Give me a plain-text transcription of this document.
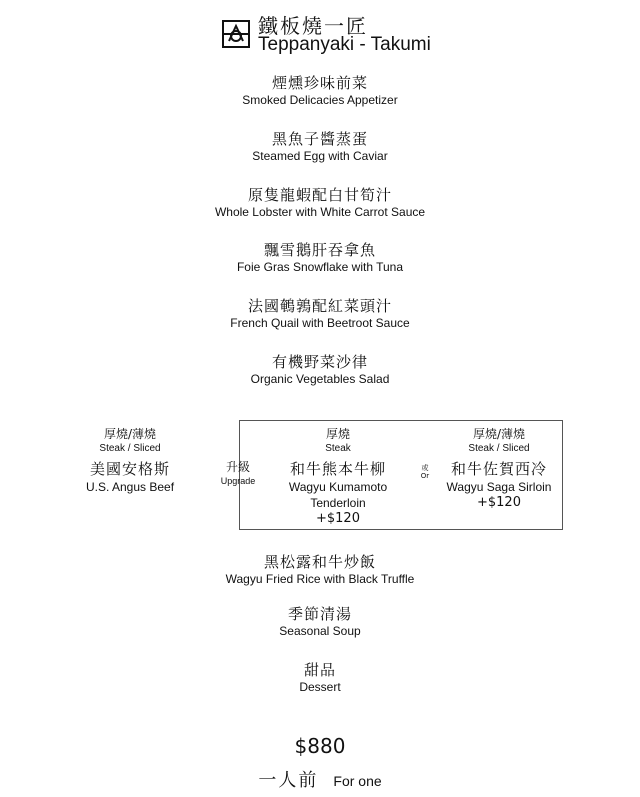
鐵板燒一匠
Teppanyaki - Takumi
煙燻珍味前菜
Smoked Delicacies Appetizer
黑魚子醬蒸蛋
Steamed Egg with Caviar
原隻龍蝦配白甘筍汁
Whole Lobster with White Carrot Sauce
飄雪鵝肝吞拿魚
Foie Gras Snowflake with Tuna
法國鵪鶉配紅菜頭汁
French Quail with Beetroot Sauce
有機野菜沙律
Organic Vegetables Salad
厚燒/薄燒
Steak / Sliced
美國安格斯
U.S. Angus Beef
升級
Upgrade
厚燒
Steak
和牛熊本牛柳
Wagyu Kumamoto Tenderloin
+$120
或
Or
厚燒/薄燒
Steak / Sliced
和牛佐賀西冷
Wagyu Saga Sirloin
+$120
黑松露和牛炒飯
Wagyu Fried Rice with Black Truffle
季節清湯
Seasonal Soup
甜品
Dessert
$880
一人前 For one
